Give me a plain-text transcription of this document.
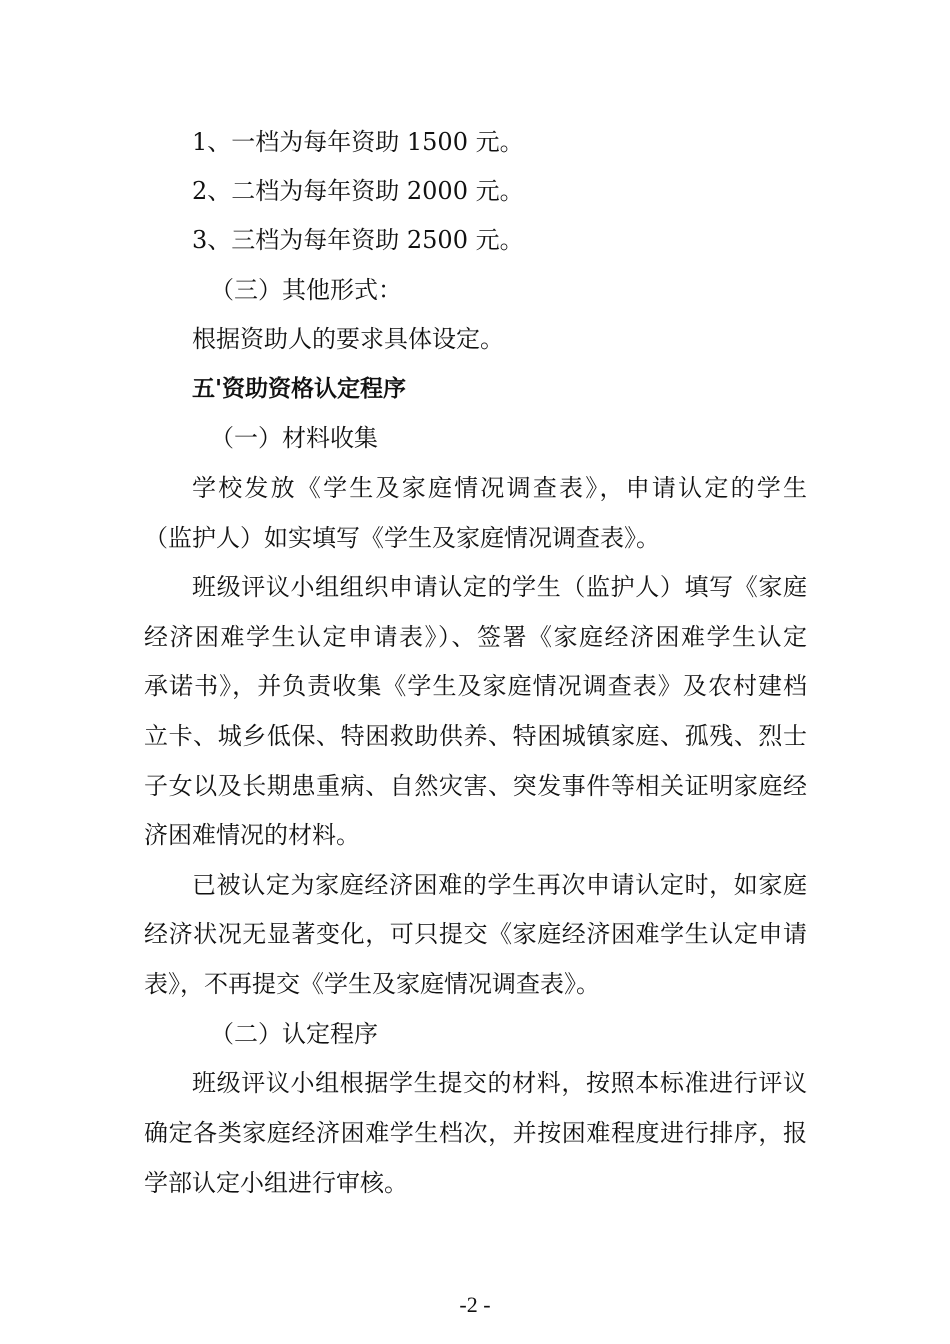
1、一档为每年资助 1500 元。
2、二档为每年资助 2000 元。
3、三档为每年资助 2500 元。
（三）其他形式：
根据资助人的要求具体设定。
五'资助资格认定程序
（一）材料收集
学校发放《学生及家庭情况调查表》，申请认定的学生
（监护人）如实填写《学生及家庭情况调查表》。
班级评议小组组织申请认定的学生（监护人）填写《家庭
经济困难学生认定申请表》）、签署《家庭经济困难学生认定
承诺书》，并负责收集《学生及家庭情况调查表》及农村建档
立卡、城乡低保、特困救助供养、特困城镇家庭、孤残、烈士
子女以及长期患重病、自然灾害、突发事件等相关证明家庭经
济困难情况的材料。
已被认定为家庭经济困难的学生再次申请认定时，如家庭
经济状况无显著变化，可只提交《家庭经济困难学生认定申请
表》，不再提交《学生及家庭情况调查表》。
（二）认定程序
班级评议小组根据学生提交的材料，按照本标准进行评议
确定各类家庭经济困难学生档次，并按困难程度进行排序，报
学部认定小组进行审核。
-2 -
